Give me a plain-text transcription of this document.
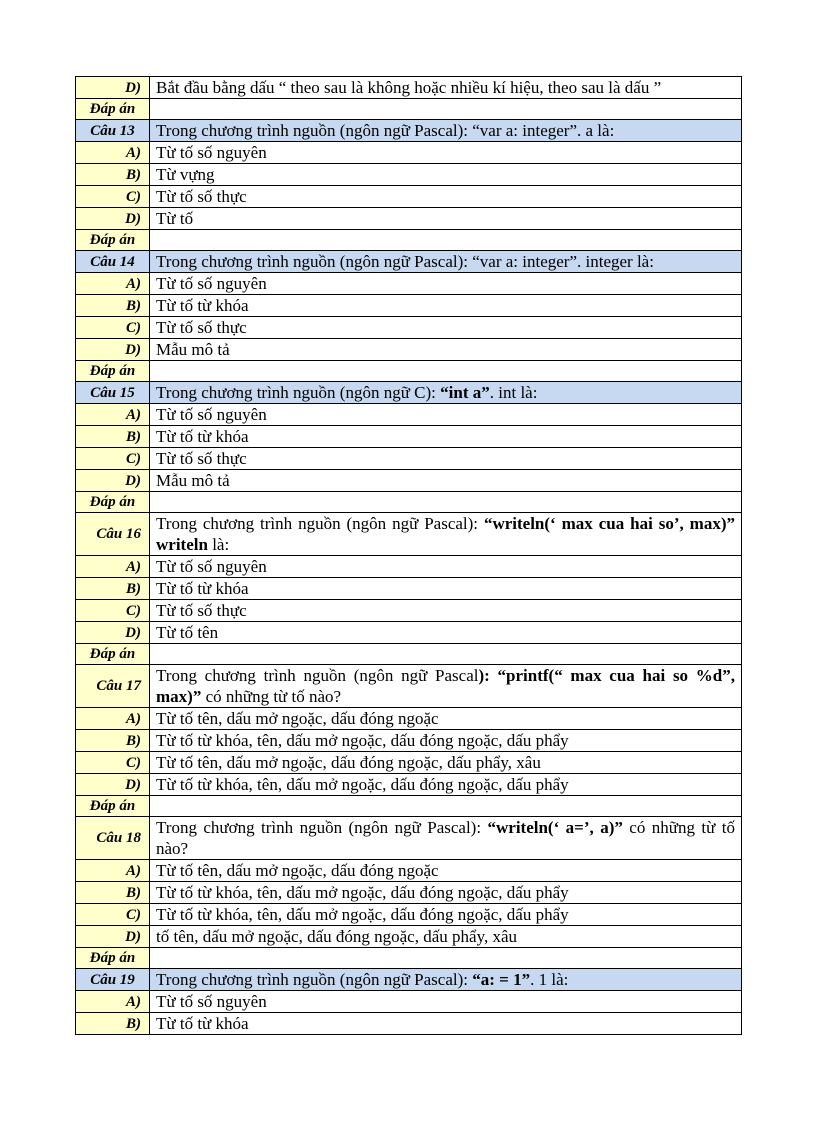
D)	Bắt đầu bằng dấu “ theo sau là không hoặc nhiều kí hiệu, theo sau là dấu ”
Đáp án	
Câu 13	Trong chương trình nguồn (ngôn ngữ Pascal): “var a: integer”. a là:
A)	Từ tố số nguyên
B)	Từ vựng
C)	Từ tố số thực
D)	Từ tố
Đáp án	
Câu 14	Trong chương trình nguồn (ngôn ngữ Pascal): “var a: integer”. integer là:
A)	Từ tố số nguyên
B)	Từ tố từ khóa
C)	Từ tố số thực
D)	Mẫu mô tả
Đáp án	
Câu 15	Trong chương trình nguồn (ngôn ngữ C): “int a”. int là:
A)	Từ tố số nguyên
B)	Từ tố từ khóa
C)	Từ tố số thực
D)	Mẫu mô tả
Đáp án	
Câu 16	Trong chương trình nguồn (ngôn ngữ Pascal): “writeln(‘ max cua hai so’, max)” writeln là:
A)	Từ tố số nguyên
B)	Từ tố từ khóa
C)	Từ tố số thực
D)	Từ tố tên
Đáp án	
Câu 17	Trong chương trình nguồn (ngôn ngữ Pascal): “printf(“ max cua hai so %d”, max)” có những từ tố nào?
A)	Từ tố tên, dấu mở ngoặc, dấu đóng ngoặc
B)	Từ tố từ khóa, tên, dấu mở ngoặc, dấu đóng ngoặc, dấu phẩy
C)	Từ tố tên, dấu mở ngoặc, dấu đóng ngoặc, dấu phẩy, xâu
D)	Từ tố từ khóa, tên, dấu mở ngoặc, dấu đóng ngoặc, dấu phẩy
Đáp án	
Câu 18	Trong chương trình nguồn (ngôn ngữ Pascal): “writeln(‘ a=’, a)” có những từ tố nào?
A)	Từ tố tên, dấu mở ngoặc, dấu đóng ngoặc
B)	Từ tố từ khóa, tên, dấu mở ngoặc, dấu đóng ngoặc, dấu phẩy
C)	Từ tố từ khóa, tên, dấu mở ngoặc, dấu đóng ngoặc, dấu phẩy
D)	tố tên, dấu mở ngoặc, dấu đóng ngoặc, dấu phẩy, xâu
Đáp án	
Câu 19	Trong chương trình nguồn (ngôn ngữ Pascal): “a: = 1”. 1 là:
A)	Từ tố số nguyên
B)	Từ tố từ khóa
